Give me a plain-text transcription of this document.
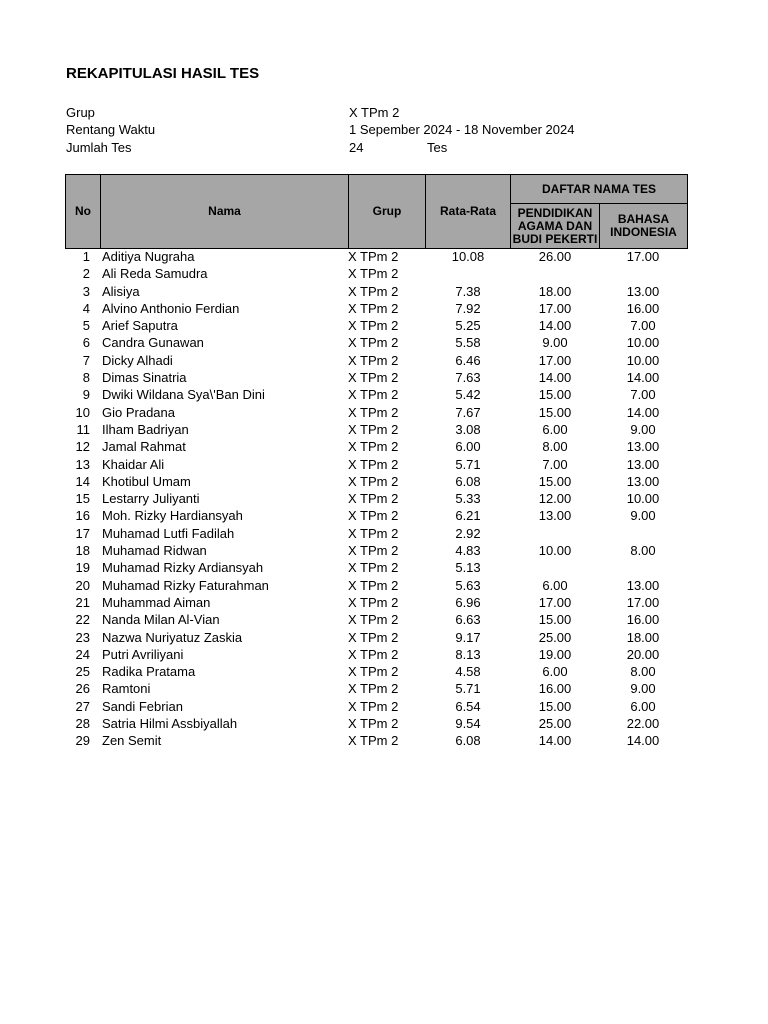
REKAPITULASI HASIL TES
Grup	X TPm 2
Rentang Waktu	1 Sepember 2024 - 18 November 2024
Jumlah Tes	24	Tes
No	Nama	Grup	Rata-Rata
DAFTAR NAMA TES
PENDIDIKAN AGAMA DAN BUDI PEKERTI
BAHASA INDONESIA
1 Aditiya Nugraha	X TPm 2	10.08	26.00	17.00
2 Ali Reda Samudra	X TPm 2
3 Alisiya	X TPm 2	7.38	18.00	13.00
4 Alvino Anthonio Ferdian	X TPm 2	7.92	17.00	16.00
5 Arief Saputra	X TPm 2	5.25	14.00	7.00
6 Candra Gunawan	X TPm 2	5.58	9.00	10.00
7 Dicky Alhadi	X TPm 2	6.46	17.00	10.00
8 Dimas Sinatria	X TPm 2	7.63	14.00	14.00
9 Dwiki Wildana Sya\'Ban Dini	X TPm 2	5.42	15.00	7.00
10 Gio Pradana	X TPm 2	7.67	15.00	14.00
11 Ilham Badriyan	X TPm 2	3.08	6.00	9.00
12 Jamal Rahmat	X TPm 2	6.00	8.00	13.00
13 Khaidar Ali	X TPm 2	5.71	7.00	13.00
14 Khotibul Umam	X TPm 2	6.08	15.00	13.00
15 Lestarry Juliyanti	X TPm 2	5.33	12.00	10.00
16 Moh. Rizky Hardiansyah	X TPm 2	6.21	13.00	9.00
17 Muhamad Lutfi Fadilah	X TPm 2	2.92
18 Muhamad Ridwan	X TPm 2	4.83	10.00	8.00
19 Muhamad Rizky Ardiansyah	X TPm 2	5.13
20 Muhamad Rizky Faturahman	X TPm 2	5.63	6.00	13.00
21 Muhammad Aiman	X TPm 2	6.96	17.00	17.00
22 Nanda Milan Al-Vian	X TPm 2	6.63	15.00	16.00
23 Nazwa Nuriyatuz Zaskia	X TPm 2	9.17	25.00	18.00
24 Putri Avriliyani	X TPm 2	8.13	19.00	20.00
25 Radika Pratama	X TPm 2	4.58	6.00	8.00
26 Ramtoni	X TPm 2	5.71	16.00	9.00
27 Sandi Febrian	X TPm 2	6.54	15.00	6.00
28 Satria Hilmi Assbiyallah	X TPm 2	9.54	25.00	22.00
29 Zen Semit	X TPm 2	6.08	14.00	14.00
